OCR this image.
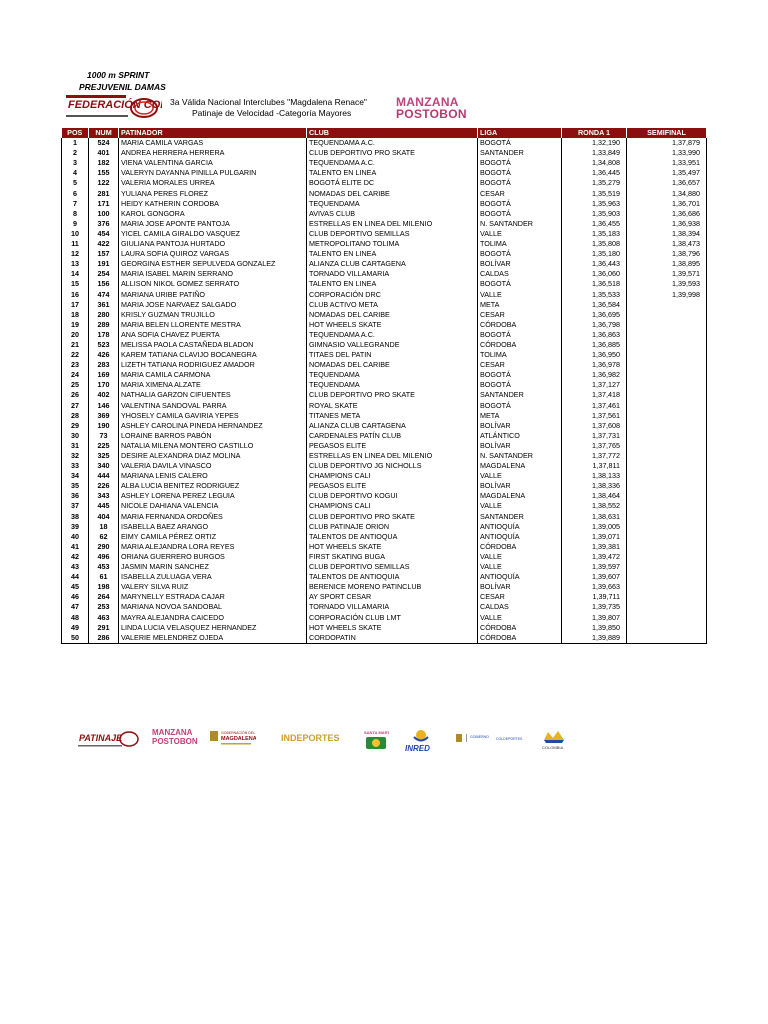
1000 m SPRINT
PREJUVENIL DAMAS
FEDERACIÓN CO	3a Válida Nacional Interclubes "Magdalena Renace"
Patinaje de Velocidad -Categoría Mayores
MANZANA
POSTOBON
POS	NUM	PATINADOR	CLUB	LIGA	RONDA 1	SEMIFINAL
1	524	MARIA CAMILA VARGAS	TEQUENDAMA A.C.	BOGOTÁ	1,32,190	1,37,879
2	401	ANDREA HERRERA HERRERA	CLUB DEPORTIVO PRO SKATE	SANTANDER	1,33,849	1,33,990
3	182	VIENA VALENTINA GARCIA	TEQUENDAMA A.C.	BOGOTÁ	1,34,808	1,33,951
4	155	VALERYN DAYANNA PINILLA PULGARIN	TALENTO EN LINEA	BOGOTÁ	1,36,445	1,35,497
5	122	VALERIA MORALES URREA	BOGOTÁ ELITE DC	BOGOTÁ	1,35,279	1,36,657
6	281	YULIANA PERES FLOREZ	NOMADAS DEL CARIBE	CESAR	1,35,519	1,34,880
7	171	HEIDY KATHERIN CORDOBA	TEQUENDAMA	BOGOTÁ	1,35,963	1,36,701
8	100	KAROL GONGORA	AVIVAS CLUB	BOGOTÁ	1,35,903	1,36,686
9	376	MARIA JOSE APONTE PANTOJA	ESTRELLAS EN LINEA DEL MILENIO	N. SANTANDER	1,36,455	1,36,938
10	454	YICEL CAMILA GIRALDO VASQUEZ	CLUB DEPORTIVO SEMILLAS	VALLE	1,35,183	1,38,394
11	422	GIULIANA PANTOJA HURTADO	METROPOLITANO TOLIMA	TOLIMA	1,35,808	1,38,473
12	157	LAURA SOFIA QUIROZ VARGAS	TALENTO EN LINEA	BOGOTÁ	1,35,180	1,38,796
13	191	GEORGINA ESTHER SEPULVEDA GONZALEZ	ALIANZA CLUB CARTAGENA	BOLÍVAR	1,36,443	1,38,895
14	254	MARIA ISABEL MARIN SERRANO	TORNADO VILLAMARIA	CALDAS	1,36,060	1,39,571
15	156	ALLISON NIKOL GOMEZ SERRATO	TALENTO EN LINEA	BOGOTÁ	1,36,518	1,39,593
16	474	MARIANA URIBE PATIÑO	CORPORACIÓN DRC	VALLE	1,35,533	1,39,998
17	361	MARIA JOSE NARVAEZ SALGADO	CLUB ACTIVO META	META	1,36,584	
18	280	KRISLY GUZMAN TRUJILLO	NOMADAS DEL CARIBE	CESAR	1,36,695	
19	289	MARIA BELEN LLORENTE MESTRA	HOT WHEELS SKATE	CÓRDOBA	1,36,798	
20	178	ANA SOFIA CHAVEZ PUERTA	TEQUENDAMA A.C.	BOGOTÁ	1,36,863	
21	523	MELISSA PAOLA CASTAÑEDA BLADON	GIMNASIO VALLEGRANDE	CÓRDOBA	1,36,885	
22	426	KAREM TATIANA CLAVIJO BOCANEGRA	TITAES DEL PATIN	TOLIMA	1,36,950	
23	283	LIZETH TATIANA RODRIGUEZ AMADOR	NOMADAS DEL CARIBE	CESAR	1,36,978	
24	169	MARIA CAMILA CARMONA	TEQUENDAMA	BOGOTÁ	1,36,982	
25	170	MARIA XIMENA ALZATE	TEQUENDAMA	BOGOTÁ	1,37,127	
26	402	NATHALIA GARZON CIFUENTES	CLUB DEPORTIVO PRO SKATE	SANTANDER	1,37,418	
27	146	VALENTINA SANDOVAL PARRA	ROYAL SKATE	BOGOTÁ	1,37,461	
28	369	YHOSELY CAMILA GAVIRIA YEPES	TITANES META	META	1,37,561	
29	190	ASHLEY CAROLINA PINEDA HERNANDEZ	ALIANZA CLUB CARTAGENA	BOLÍVAR	1,37,608	
30	73	LORAINE BARROS PABÓN	CARDENALES PATÍN CLUB	ATLÁNTICO	1,37,731	
31	225	NATALIA MILENA MONTERO CASTILLO	PEGASOS ELITE	BOLÍVAR	1,37,765	
32	325	DESIRE ALEXANDRA DIAZ MOLINA	ESTRELLAS EN LINEA DEL MILENIO	N. SANTANDER	1,37,772	
33	340	VALERIA DAVILA VINASCO	CLUB DEPORTIVO JG NICHOLLS	MAGDALENA	1,37,811	
34	444	MARIANA LENIS CALERO	CHAMPIONS CALI	VALLE	1,38,133	
35	226	ALBA LUCIA BENITEZ RODRIGUEZ	PEGASOS ELITE	BOLÍVAR	1,38,336	
36	343	ASHLEY LORENA PEREZ LEGUIA	CLUB DEPORTIVO KOGUI	MAGDALENA	1,38,464	
37	445	NICOLE DAHIANA VALENCIA	CHAMPIONS CALI	VALLE	1,38,552	
38	404	MARIA FERNANDA ORDOÑES	CLUB DEPORTIVO PRO SKATE	SANTANDER	1,38,631	
39	18	ISABELLA BAEZ ARANGO	CLUB PATINAJE ORION	ANTIOQUÍA	1,39,005	
40	62	EIMY CAMILA PÉREZ ORTIZ	TALENTOS DE ANTIOQUA	ANTIOQUÍA	1,39,071	
41	290	MARIA ALEJANDRA LORA REYES	HOT WHEELS SKATE	CÓRDOBA	1,39,381	
42	496	ORIANA GUERRERO BURGOS	FIRST SKATING BUGA	VALLE	1,39,472	
43	453	JASMIN MARIN SANCHEZ	CLUB DEPORTIVO SEMILLAS	VALLE	1,39,597	
44	61	ISABELLA ZULUAGA VERA	TALENTOS DE ANTIOQUIA	ANTIOQUÍA	1,39,607	
45	198	VALERY SILVA RUIZ	BERENICE MORENO PATINCLUB	BOLÍVAR	1,39,663	
46	264	MARYNELLY ESTRADA CAJAR	AY SPORT CESAR	CESAR	1,39,711	
47	253	MARIANA NOVOA SANDOBAL	TORNADO VILLAMARIA	CALDAS	1,39,735	
48	463	MAYRA ALEJANDRA CAICEDO	CORPORACIÓN CLUB LMT	VALLE	1,39,807	
49	291	LINDA LUCIA VELASQUEZ HERNANDEZ	HOT WHEELS SKATE	CÓRDOBA	1,39,850	
50	286	VALERIE MELENDREZ OJEDA	CORDOPATIN	CÓRDOBA	1,39,889	
PATINAJE
MANZANA
POSTOBON
GOBERNACIÓN DEL
MAGDALENA	INDEPORTES
SANTA MAR
INRED
GOBIERNO COLDEPORTES
COLOMBIA
